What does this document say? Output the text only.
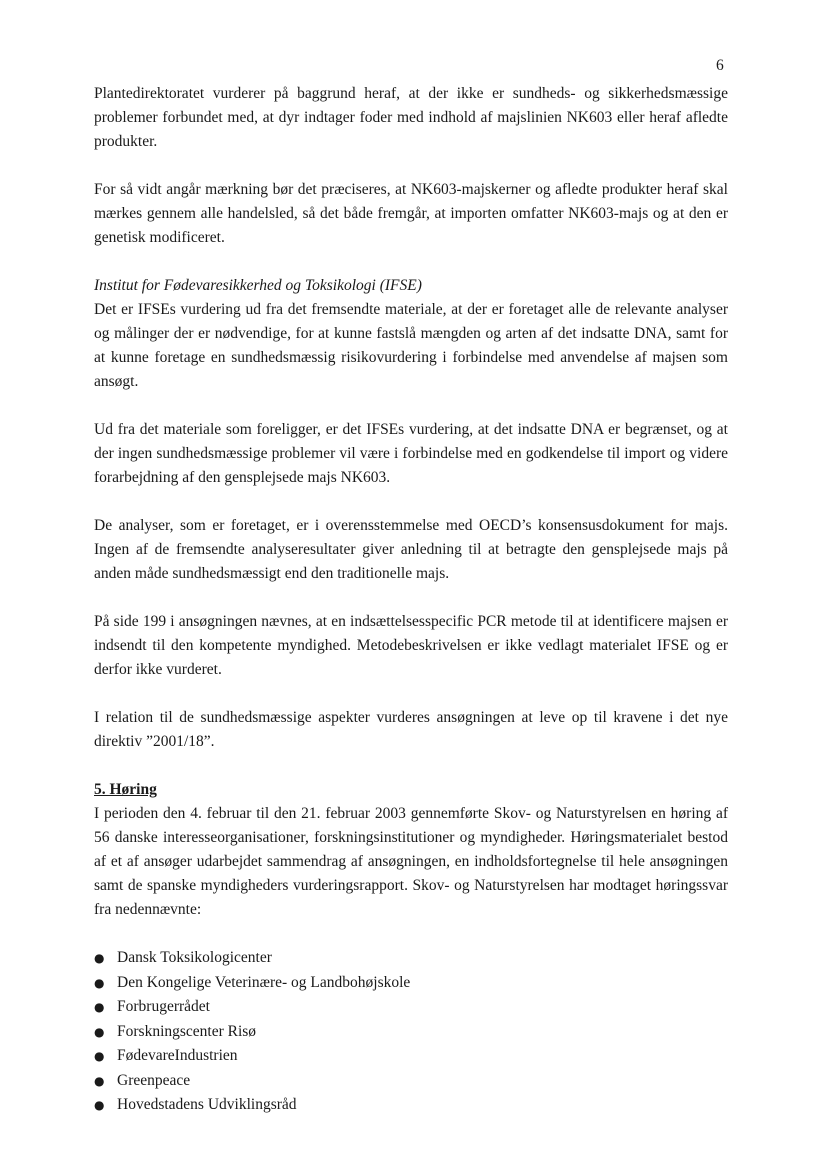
6

Plantedirektoratet vurderer på baggrund heraf, at der ikke er sundheds- og sikkerhedsmæssige problemer forbundet med, at dyr indtager foder med indhold af majslinien NK603 eller heraf afledte produkter.

For så vidt angår mærkning bør det præciseres, at NK603-majskerner og afledte produkter heraf skal mærkes gennem alle handelsled, så det både fremgår, at importen omfatter NK603-majs og at den er genetisk modificeret.

Institut for Fødevaresikkerhed og Toksikologi (IFSE)

Det er IFSEs vurdering ud fra det fremsendte materiale, at der er foretaget alle de relevante analyser og målinger der er nødvendige, for at kunne fastslå mængden og arten af det indsatte DNA, samt for at kunne foretage en sundhedsmæssig risikovurdering i forbindelse med anvendelse af majsen som ansøgt.

Ud fra det materiale som foreligger, er det IFSEs vurdering, at det indsatte DNA er begrænset, og at der ingen sundhedsmæssige problemer vil være i forbindelse med en godkendelse til import og videre forarbejdning af den gensplejsede majs NK603.

De analyser, som er foretaget, er i overensstemmelse med OECD’s konsensusdokument for majs. Ingen af de fremsendte analyseresultater giver anledning til at betragte den gensplejsede majs på anden måde sundhedsmæssigt end den traditionelle majs.

På side 199 i ansøgningen nævnes, at en indsættelsesspecific PCR metode til at identificere majsen er indsendt til den kompetente myndighed. Metodebeskrivelsen er ikke vedlagt materialet IFSE og er derfor ikke vurderet.

I relation til de sundhedsmæssige aspekter vurderes ansøgningen at leve op til kravene i det nye direktiv ”2001/18”.

5. Høring

I perioden den 4. februar til den 21. februar 2003 gennemførte Skov- og Naturstyrelsen en høring af 56 danske interesseorganisationer, forskningsinstitutioner og myndigheder. Høringsmaterialet bestod af et af ansøger udarbejdet sammendrag af ansøgningen, en indholdsfortegnelse til hele ansøgningen samt de spanske myndigheders vurderingsrapport. Skov- og Naturstyrelsen har modtaget høringssvar fra nedennævnte:

● Dansk Toksikologicenter
● Den Kongelige Veterinære- og Landbohøjskole
● Forbrugerrådet
● Forskningscenter Risø
● FødevareIndustrien
● Greenpeace
● Hovedstadens Udviklingsråd
